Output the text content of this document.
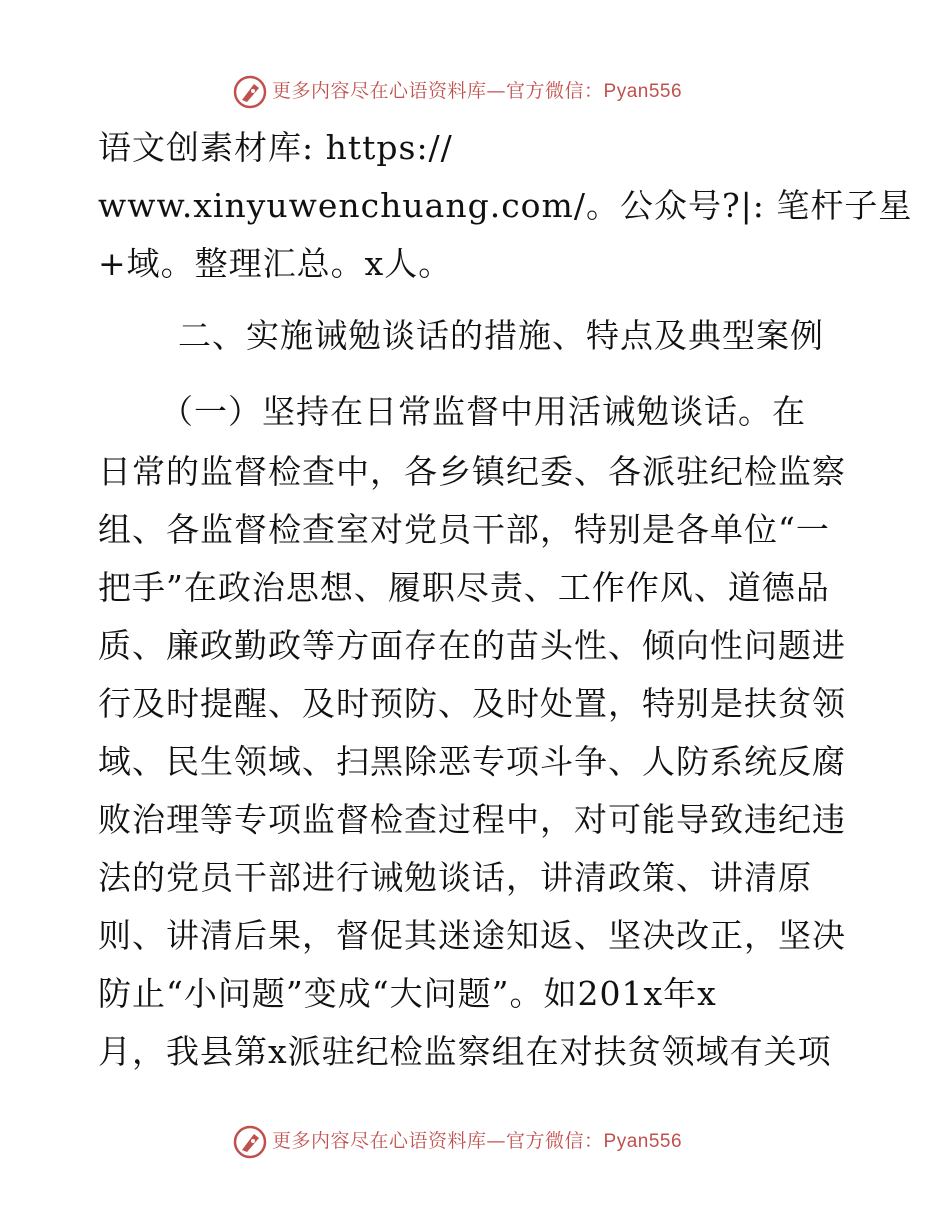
更多内容尽在心语资料库—官方微信：Pyan556
语文创素材库: https://
www.xinyuwenchuang.com/。公众号?|: 笔杆子星
+域。整理汇总。x人。
二、实施诫勉谈话的措施、特点及典型案例
（一）坚持在日常监督中用活诫勉谈话。在
日常的监督检查中，各乡镇纪委、各派驻纪检监察
组、各监督检查室对党员干部，特别是各单位“一
把手”在政治思想、履职尽责、工作作风、道德品
质、廉政勤政等方面存在的苗头性、倾向性问题进
行及时提醒、及时预防、及时处置，特别是扶贫领
域、民生领域、扫黑除恶专项斗争、人防系统反腐
败治理等专项监督检查过程中，对可能导致违纪违
法的党员干部进行诫勉谈话，讲清政策、讲清原
则、讲清后果，督促其迷途知返、坚决改正，坚决
防止“小问题”变成“大问题”。如201x年x
月，我县第x派驻纪检监察组在对扶贫领域有关项
更多内容尽在心语资料库—官方微信：Pyan556
